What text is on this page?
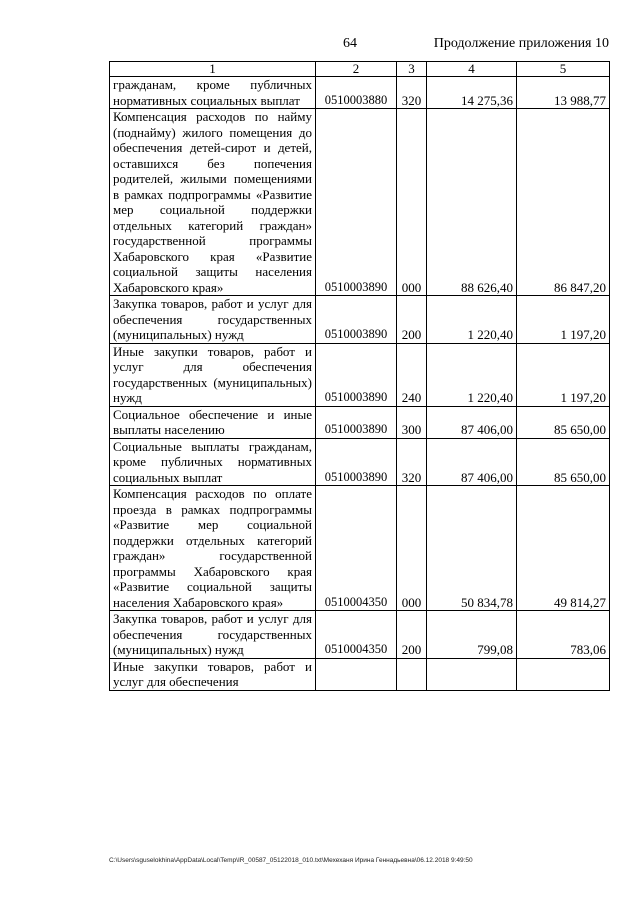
64	Продолжение приложения 10
1	2	3	4	5
гражданам, кроме публичных нормативных социальных выплат	0510003880	320	14 275,36	13 988,77
Компенсация расходов по найму (поднайму) жилого помещения до обеспечения детей-сирот и детей, оставшихся без попечения родителей, жилыми помещениями в рамках подпрограммы «Развитие мер социальной поддержки отдельных категорий граждан» государственной программы Хабаровского края «Развитие социальной защиты населения Хабаровского края»	0510003890	000	88 626,40	86 847,20
Закупка товаров, работ и услуг для обеспечения государственных (муниципальных) нужд	0510003890	200	1 220,40	1 197,20
Иные закупки товаров, работ и услуг для обеспечения государственных (муниципальных) нужд	0510003890	240	1 220,40	1 197,20
Социальное обеспечение и иные выплаты населению	0510003890	300	87 406,00	85 650,00
Социальные выплаты гражданам, кроме публичных нормативных социальных выплат	0510003890	320	87 406,00	85 650,00
Компенсация расходов по оплате проезда в рамках подпрограммы «Развитие мер социальной поддержки отдельных категорий граждан» государственной программы Хабаровского края «Развитие социальной защиты населения Хабаровского края»	0510004350	000	50 834,78	49 814,27
Закупка товаров, работ и услуг для обеспечения государственных (муниципальных) нужд	0510004350	200	799,08	783,06
Иные закупки товаров, работ и услуг для обеспечения				
C:\Users\sguselokhina\AppData\Local\Temp\IR_00587_05122018_010.txt\Мехеханя Ирина Геннадьевна\06.12.2018 9:49:50
